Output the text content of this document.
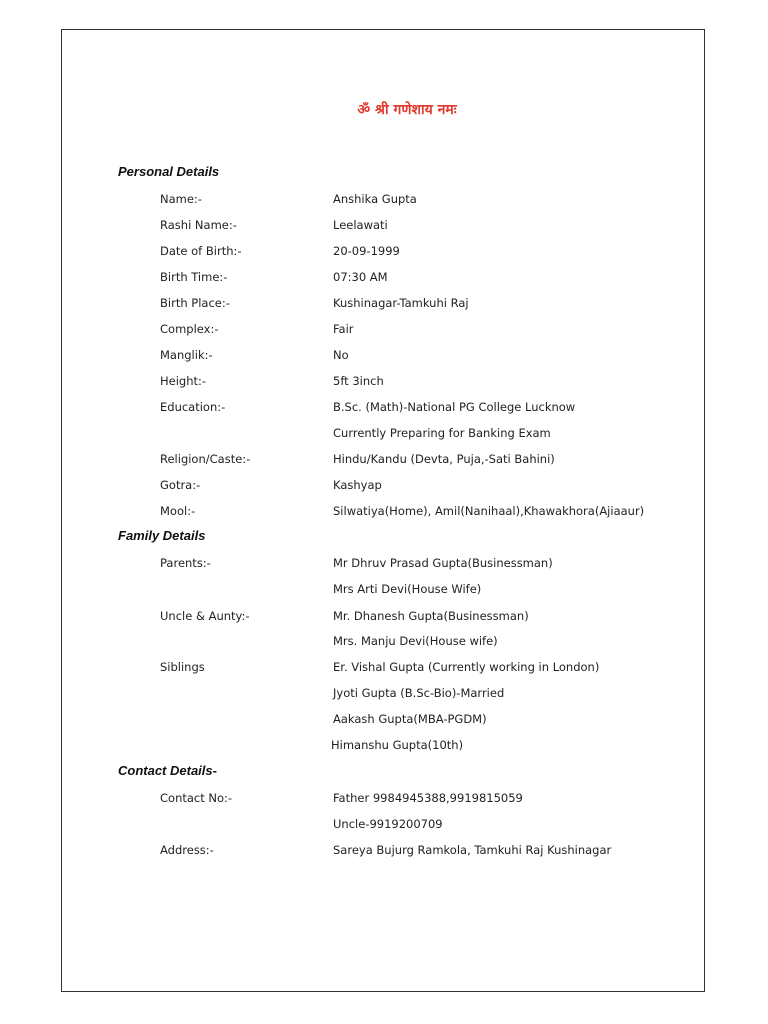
ॐ श्री गणेशाय नमः
Personal Details
Name:-	Anshika Gupta
Rashi Name:-	Leelawati
Date of Birth:-	20-09-1999
Birth Time:-	07:30 AM
Birth Place:-	Kushinagar-Tamkuhi Raj
Complex:-	Fair
Manglik:-	No
Height:-	5ft 3inch
Education:-	B.Sc. (Math)-National PG College Lucknow
Currently Preparing for Banking Exam
Religion/Caste:-	Hindu/Kandu (Devta, Puja,-Sati Bahini)
Gotra:-	Kashyap
Mool:-	Silwatiya(Home), Amil(Nanihaal),Khawakhora(Ajiaaur)
Family Details
Parents:-	Mr Dhruv Prasad Gupta(Businessman)
Mrs Arti Devi(House Wife)
Uncle & Aunty:-	Mr. Dhanesh Gupta(Businessman)
Mrs. Manju Devi(House wife)
Siblings	Er. Vishal Gupta (Currently working in London)
Jyoti Gupta (B.Sc-Bio)-Married
Aakash Gupta(MBA-PGDM)
Himanshu Gupta(10th)
Contact Details-
Contact No:-	Father 9984945388,9919815059
Uncle-9919200709
Address:-	Sareya Bujurg Ramkola, Tamkuhi Raj Kushinagar
